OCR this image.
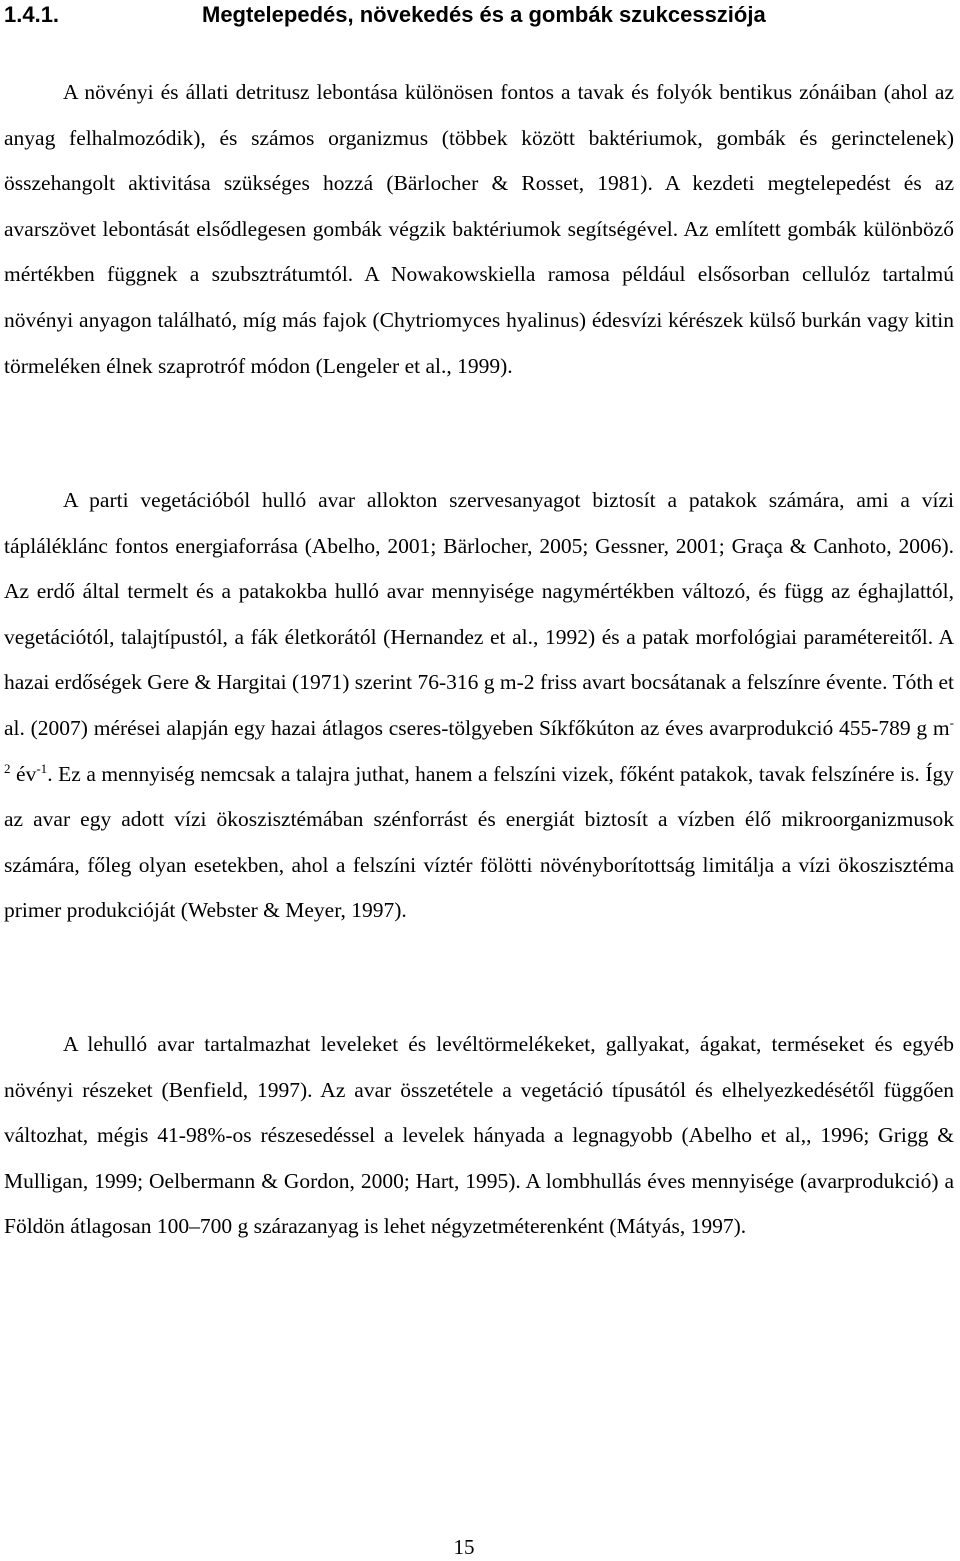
1.4.1.	Megtelepedés, növekedés és a gombák szukcessziója

A növényi és állati detritusz lebontása különösen fontos a tavak és folyók bentikus zónáiban (ahol az anyag felhalmozódik), és számos organizmus (többek között baktériumok, gombák és gerinctelenek) összehangolt aktivitása szükséges hozzá (Bärlocher & Rosset, 1981). A kezdeti megtelepedést és az avarszövet lebontását elsődlegesen gombák végzik baktériumok segítségével. Az említett gombák különböző mértékben függnek a szubsztrátumtól. A Nowakowskiella ramosa például elsősorban cellulóz tartalmú növényi anyagon található, míg más fajok (Chytriomyces hyalinus) édesvízi kérészek külső burkán vagy kitin törmeléken élnek szaprotróf módon (Lengeler et al., 1999).

A parti vegetációból hulló avar allokton szervesanyagot biztosít a patakok számára, ami a vízi tápláléklánc fontos energiaforrása (Abelho, 2001; Bärlocher, 2005; Gessner, 2001; Graça & Canhoto, 2006). Az erdő által termelt és a patakokba hulló avar mennyisége nagymértékben változó, és függ az éghajlattól, vegetációtól, talajtípustól, a fák életkorától (Hernandez et al., 1992) és a patak morfológiai paramétereitől. A hazai erdőségek Gere & Hargitai (1971) szerint 76-316 g m-2 friss avart bocsátanak a felszínre évente. Tóth et al. (2007) mérései alapján egy hazai átlagos cseres-tölgyeben Síkfőkúton az éves avarprodukció 455-789 g $m^{-2}$ $év^{-1}$. Ez a mennyiség nemcsak a talajra juthat, hanem a felszíni vizek, főként patakok, tavak felszínére is. Így az avar egy adott vízi ökoszisztémában szénforrást és energiát biztosít a vízben élő mikroorganizmusok számára, főleg olyan esetekben, ahol a felszíni víztér fölötti növényborítottság limitálja a vízi ökoszisztéma primer produkcióját (Webster & Meyer, 1997).

A lehulló avar tartalmazhat leveleket és levéltörmelékeket, gallyakat, ágakat, terméseket és egyéb növényi részeket (Benfield, 1997). Az avar összetétele a vegetáció típusától és elhelyezkedésétől függően változhat, mégis 41-98%-os részesedéssel a levelek hányada a legnagyobb (Abelho et al,, 1996; Grigg & Mulligan, 1999; Oelbermann & Gordon, 2000; Hart, 1995). A lombhullás éves mennyisége (avarprodukció) a Földön átlagosan 100–700 g szárazanyag is lehet négyzetméterenként (Mátyás, 1997).

15
